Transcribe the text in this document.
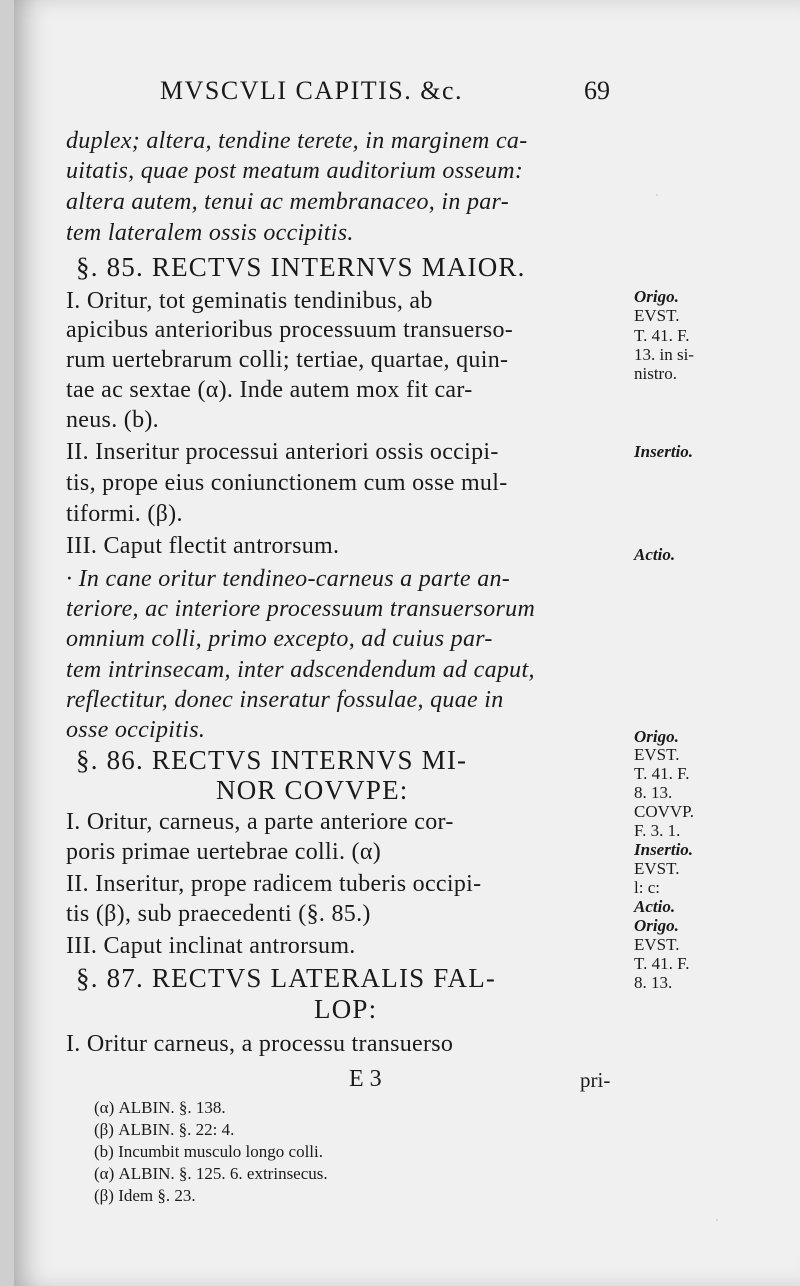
·
·
MVSCVLI CAPITIS. &c.	69
duplex; altera, tendine terete, in marginem ca-
uitatis, quae post meatum auditorium osseum:
altera autem, tenui ac membranaceo, in par-
tem lateralem ossis occipitis.
§. 85. RECTVS INTERNVS MAIOR.
I. Oritur, tot geminatis tendinibus, ab
apicibus anterioribus processuum transuerso-
rum uertebrarum colli; tertiae, quartae, quin-
tae ac sextae (α). Inde autem mox fit car-
neus. (b).
II. Inseritur processui anteriori ossis occipi-
tis, prope eius coniunctionem cum osse mul-
tiformi. (β).
III. Caput flectit antrorsum.
· In cane oritur tendineo-carneus a parte an-
teriore, ac interiore processuum transuersorum
omnium colli, primo excepto, ad cuius par-
tem intrinsecam, inter adscendendum ad caput,
reflectitur, donec inseratur fossulae, quae in
osse occipitis.
§. 86. RECTVS INTERNVS MI-
NOR COVVPE:
I. Oritur, carneus, a parte anteriore cor-
poris primae uertebrae colli. (α)
II. Inseritur, prope radicem tuberis occipi-
tis (β), sub praecedenti (§. 85.)
III. Caput inclinat antrorsum.
§. 87. RECTVS LATERALIS FAL-
LOP:
I. Oritur carneus, a processu transuerso
Origo.
EVST.
T. 41. F.
13. in si-
nistro.
Insertio.
Actio.
Origo.
EVST.
T. 41. F.
8. 13.
COVVP.
F. 3. 1.
Insertio.
EVST.
l: c:
Actio.
Origo.
EVST.
T. 41. F.
8. 13.
E 3	pri-
(α) ALBIN. §. 138.
(β) ALBIN. §. 22: 4.
(b) Incumbit musculo longo colli.
(α) ALBIN. §. 125. 6. extrinsecus.
(β) Idem §. 23.
